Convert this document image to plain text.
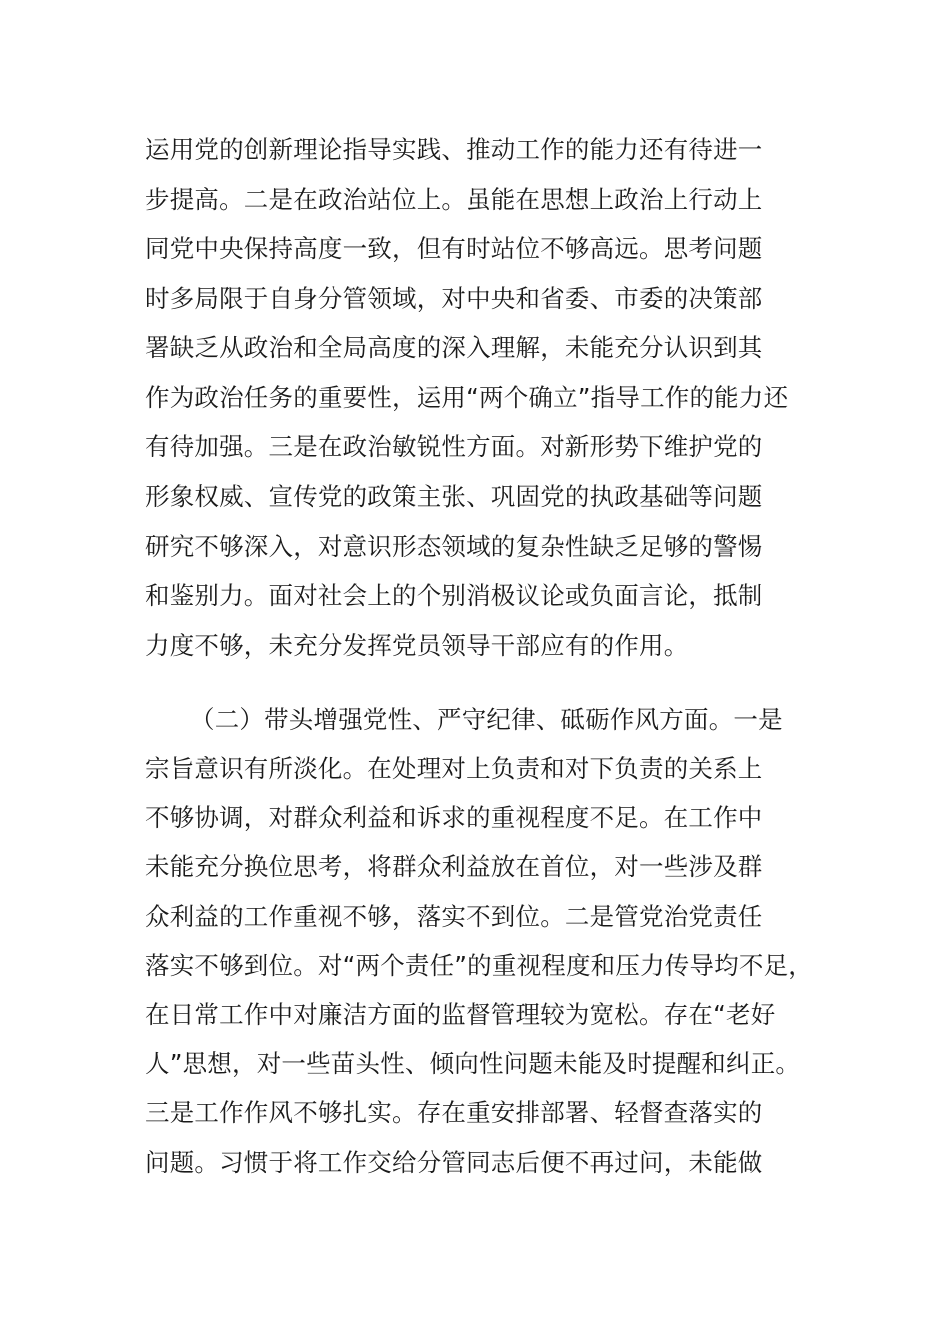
运用党的创新理论指导实践、推动工作的能力还有待进一
步提高。二是在政治站位上。虽能在思想上政治上行动上
同党中央保持高度一致，但有时站位不够高远。思考问题
时多局限于自身分管领域，对中央和省委、市委的决策部
署缺乏从政治和全局高度的深入理解，未能充分认识到其
作为政治任务的重要性，运用“两个确立”指导工作的能力还
有待加强。三是在政治敏锐性方面。对新形势下维护党的
形象权威、宣传党的政策主张、巩固党的执政基础等问题
研究不够深入，对意识形态领域的复杂性缺乏足够的警惕
和鉴别力。面对社会上的个别消极议论或负面言论，抵制
力度不够，未充分发挥党员领导干部应有的作用。
（二）带头增强党性、严守纪律、砥砺作风方面。一是
宗旨意识有所淡化。在处理对上负责和对下负责的关系上
不够协调，对群众利益和诉求的重视程度不足。在工作中
未能充分换位思考，将群众利益放在首位，对一些涉及群
众利益的工作重视不够，落实不到位。二是管党治党责任
落实不够到位。对“两个责任”的重视程度和压力传导均不足，
在日常工作中对廉洁方面的监督管理较为宽松。存在“老好
人”思想，对一些苗头性、倾向性问题未能及时提醒和纠正。
三是工作作风不够扎实。存在重安排部署、轻督查落实的
问题。习惯于将工作交给分管同志后便不再过问，未能做
